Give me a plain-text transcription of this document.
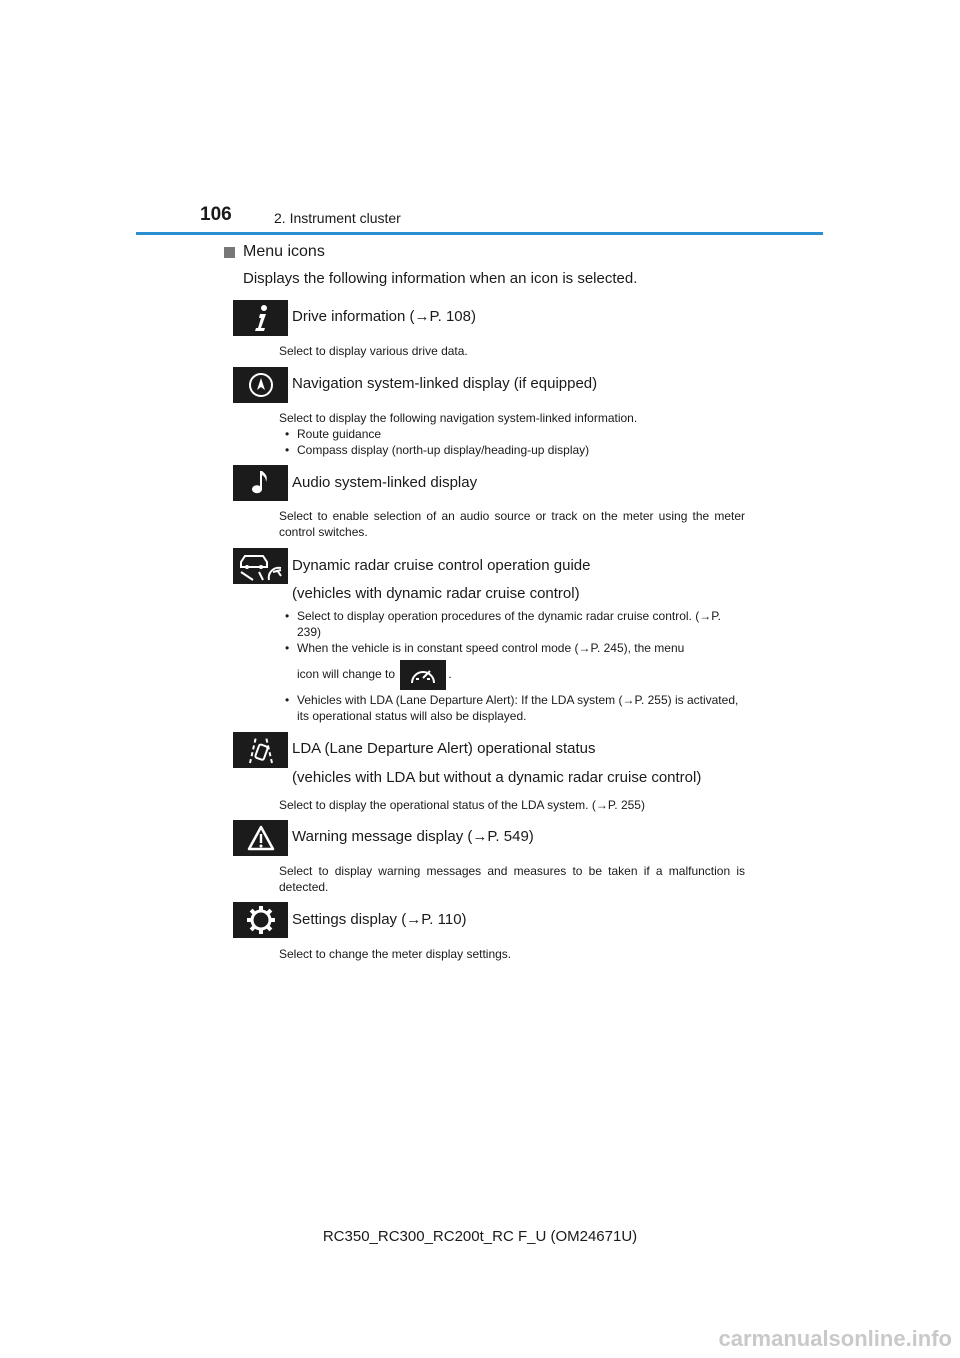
106	2. Instrument cluster
Menu icons
Displays the following information when an icon is selected.
Drive information (→P. 108)
Select to display various drive data.
Navigation system-linked display (if equipped)
Select to display the following navigation system-linked information.
• Route guidance
• Compass display (north-up display/heading-up display)
Audio system-linked display
Select to enable selection of an audio source or track on the meter using the meter control switches.
Dynamic radar cruise control operation guide
(vehicles with dynamic radar cruise control)
• Select to display operation procedures of the dynamic radar cruise control. (→P. 239)
• When the vehicle is in constant speed control mode (→P. 245), the menu
icon will change to	.
• Vehicles with LDA (Lane Departure Alert): If the LDA system (→P. 255) is activated, its operational status will also be displayed.
LDA (Lane Departure Alert) operational status
(vehicles with LDA but without a dynamic radar cruise control)
Select to display the operational status of the LDA system. (→P. 255)
Warning message display (→P. 549)
Select to display warning messages and measures to be taken if a malfunction is detected.
Settings display (→P. 110)
Select to change the meter display settings.
RC350_RC300_RC200t_RC F_U (OM24671U)
carmanualsonline.info
